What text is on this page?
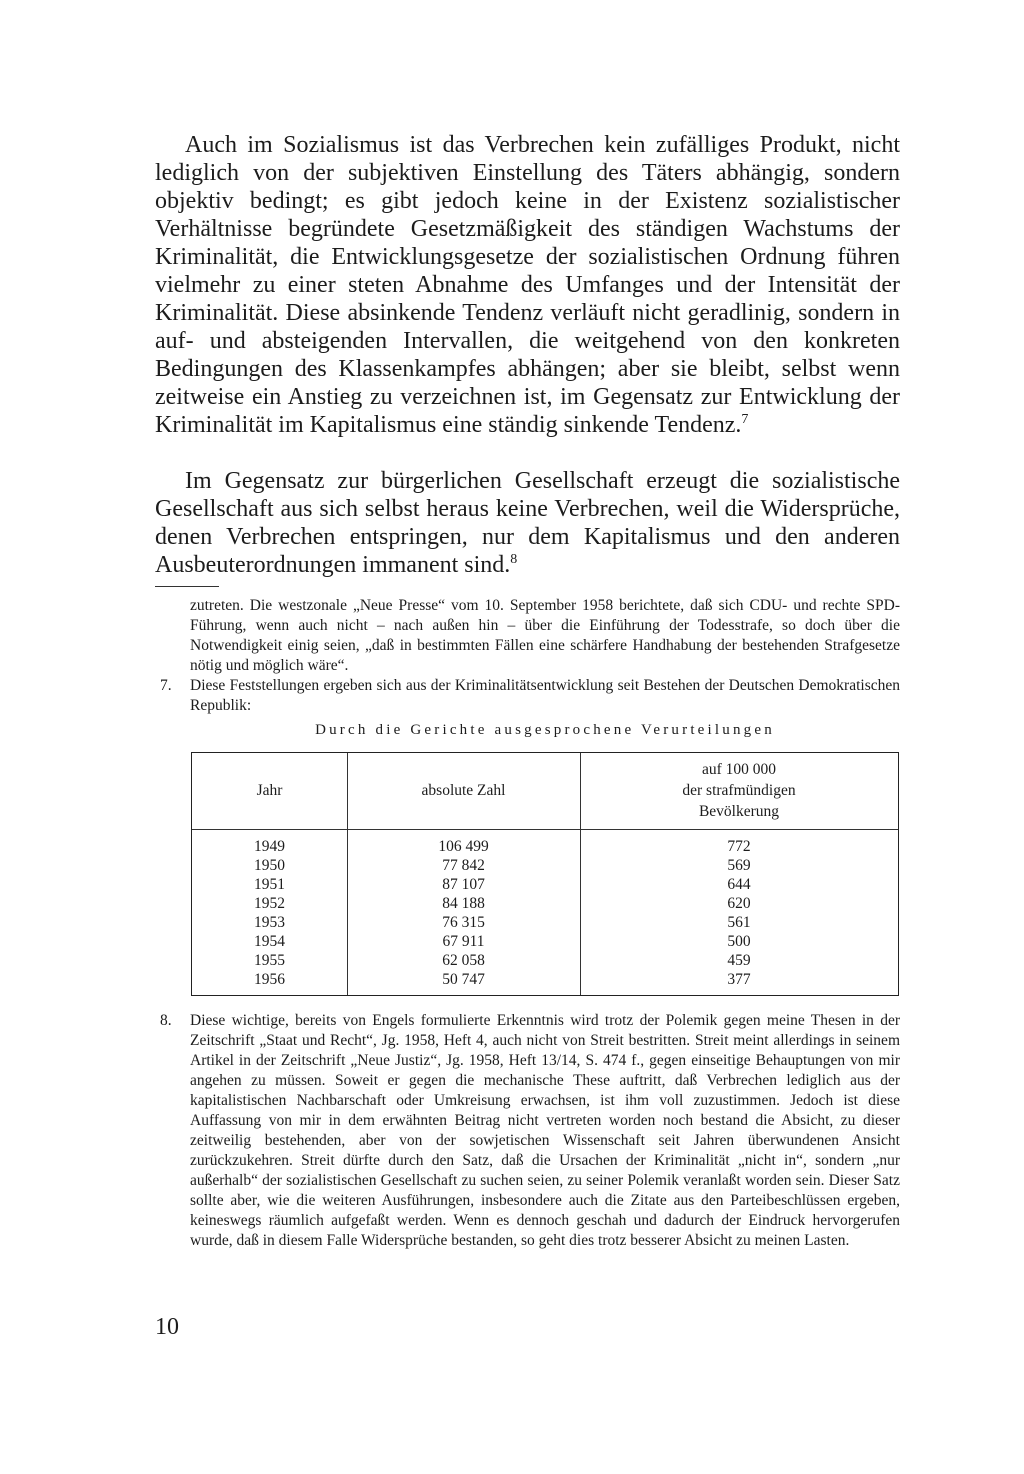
Auch im Sozialismus ist das Verbrechen kein zufälliges Produkt, nicht lediglich von der subjektiven Einstellung des Täters abhängig, sondern objektiv bedingt; es gibt jedoch keine in der Existenz sozialistischer Verhältnisse begründete Gesetzmäßigkeit des ständigen Wachstums der Kriminalität, die Entwicklungsgesetze der sozialistischen Ordnung führen vielmehr zu einer steten Abnahme des Umfanges und der Intensität der Kriminalität. Diese absinkende Tendenz verläuft nicht geradlinig, sondern in auf- und absteigenden Intervallen, die weitgehend von den konkreten Bedingungen des Klassenkampfes abhängen; aber sie bleibt, selbst wenn zeitweise ein Anstieg zu verzeichnen ist, im Gegensatz zur Entwicklung der Kriminalität im Kapitalismus eine ständig sinkende Tendenz.$^7$

Im Gegensatz zur bürgerlichen Gesellschaft erzeugt die sozialistische Gesellschaft aus sich selbst heraus keine Verbrechen, weil die Widersprüche, denen Verbrechen entspringen, nur dem Kapitalismus und den anderen Ausbeuterordnungen immanent sind.$^8$

zutreten. Die westzonale „Neue Presse“ vom 10. September 1958 berichtete, daß sich CDU- und rechte SPD-Führung, wenn auch nicht – nach außen hin – über die Einführung der Todesstrafe, so doch über die Notwendigkeit einig seien, „daß in bestimmten Fällen eine schärfere Handhabung der bestehenden Strafgesetze nötig und möglich wäre“.

7. Diese Feststellungen ergeben sich aus der Kriminalitätsentwicklung seit Bestehen der Deutschen Demokratischen Republik:

Durch die Gerichte ausgesprochene Verurteilungen

Jahr	absolute Zahl
auf 100 000
der strafmündigen
Bevölkerung
1949
1950
1951
1952
1953
1954
1955
1956
106 499
77 842
87 107
84 188
76 315
67 911
62 058
50 747
772
569
644
620
561
500
459
377
8. Diese wichtige, bereits von Engels formulierte Erkenntnis wird trotz der Polemik gegen meine Thesen in der Zeitschrift „Staat und Recht“, Jg. 1958, Heft 4, auch nicht von Streit bestritten. Streit meint allerdings in seinem Artikel in der Zeitschrift „Neue Justiz“, Jg. 1958, Heft 13/14, S. 474 f., gegen einseitige Behauptungen von mir angehen zu müssen. Soweit er gegen die mechanische These auftritt, daß Verbrechen lediglich aus der kapitalistischen Nachbarschaft oder Umkreisung erwachsen, ist ihm voll zuzustimmen. Jedoch ist diese Auffassung von mir in dem erwähnten Beitrag nicht vertreten worden noch bestand die Absicht, zu dieser zeitweilig bestehenden, aber von der sowjetischen Wissenschaft seit Jahren überwundenen Ansicht zurückzukehren. Streit dürfte durch den Satz, daß die Ursachen der Kriminalität „nicht in“, sondern „nur außerhalb“ der sozialistischen Gesellschaft zu suchen seien, zu seiner Polemik veranlaßt worden sein. Dieser Satz sollte aber, wie die weiteren Ausführungen, insbesondere auch die Zitate aus den Parteibeschlüssen ergeben, keineswegs räumlich aufgefaßt werden. Wenn es dennoch geschah und dadurch der Eindruck hervorgerufen wurde, daß in diesem Falle Widersprüche bestanden, so geht dies trotz besserer Absicht zu meinen Lasten.

10
